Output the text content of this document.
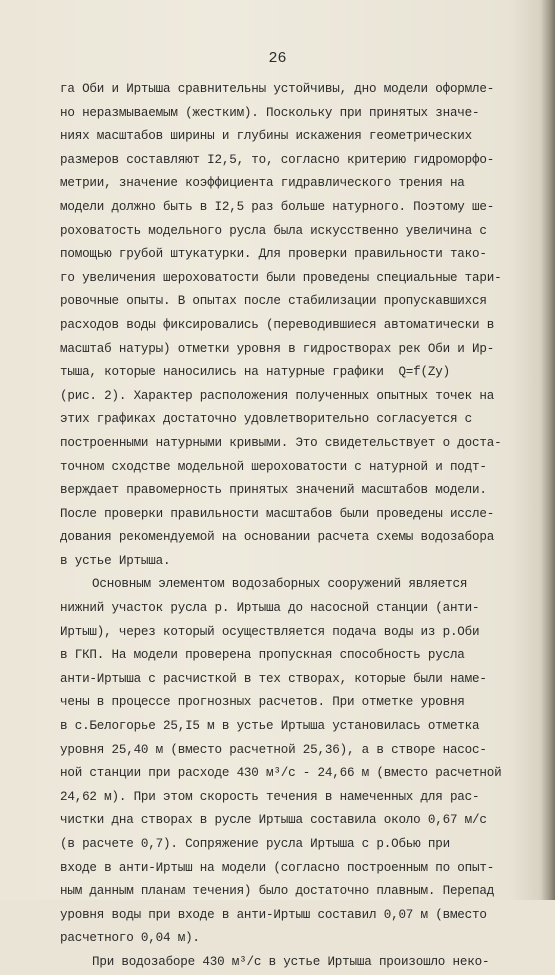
26
га Оби и Иртыша сравнительны устойчивы, дно модели оформле-
но неразмываемым (жестким). Поскольку при принятых значе-
ниях масштабов ширины и глубины искажения геометрических
размеров составляют I2,5, то, согласно критерию гидроморфо-
метрии, значение коэффициента гидравлического трения на
модели должно быть в I2,5 раз больше натурного. Поэтому ше-
роховатость модельного русла была искусственно увеличина с
помощью грубой штукатурки. Для проверки правильности тако-
го увеличения шероховатости были проведены специальные тари-
ровочные опыты. В опытах после стабилизации пропускавшихся
расходов воды фиксировались (переводившиеся автоматически в
масштаб натуры) отметки уровня в гидростворах рек Оби и Ир-
тыша, которые наносились на натурные графики  Q=f(Zy)
(рис. 2). Характер расположения полученных опытных точек на
этих графиках достаточно удовлетворительно согласуется с
построенными натурными кривыми. Это свидетельствует о доста-
точном сходстве модельной шероховатости с натурной и подт-
верждает правомерность принятых значений масштабов модели.
После проверки правильности масштабов были проведены иссле-
дования рекомендуемой на основании расчета схемы водозабора
в устье Иртыша.
Основным элементом водозаборных сооружений является
нижний участок русла р. Иртыша до насосной станции (анти-
Иртыш), через который осуществляется подача воды из р.Оби
в ГКП. На модели проверена пропускная способность русла
анти-Иртыша с расчисткой в тех створах, которые были наме-
чены в процессе прогнозных расчетов. При отметке уровня
в с.Белогорье 25,I5 м в устье Иртыша установилась отметка
уровня 25,40 м (вместо расчетной 25,36), а в створе насос-
ной станции при расходе 430 м³/с - 24,66 м (вместо расчетной
24,62 м). При этом скорость течения в намеченных для рас-
чистки дна створах в русле Иртыша составила около 0,67 м/с
(в расчете 0,7). Сопряжение русла Иртыша с р.Обью при
входе в анти-Иртыш на модели (согласно построенным по опыт-
ным данным планам течения) было достаточно плавным. Перепад
уровня воды при входе в анти-Иртыш составил 0,07 м (вместо
расчетного 0,04 м).
При водозаборе 430 м³/с в устье Иртыша произошло неко-
